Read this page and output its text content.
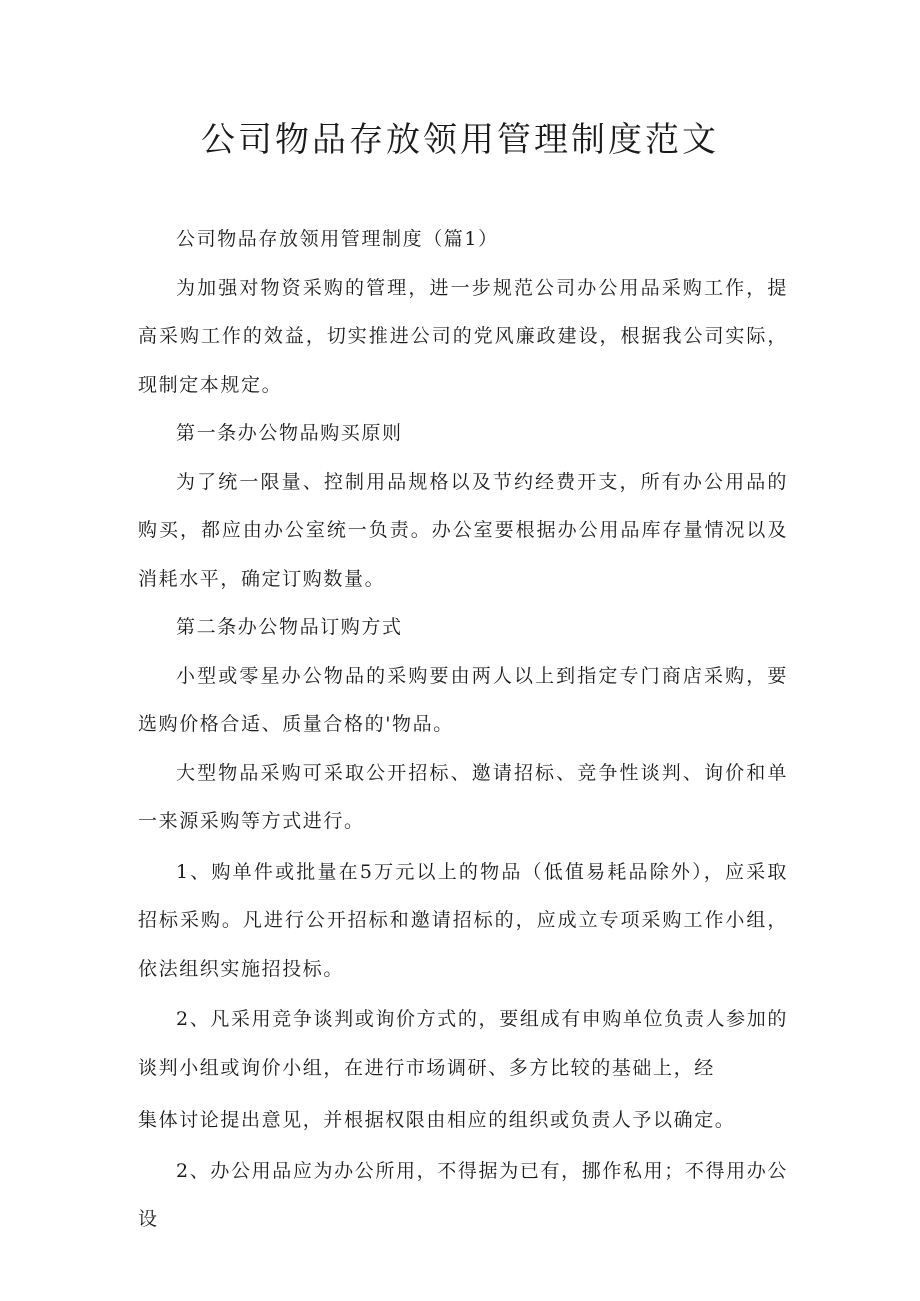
公司物品存放领用管理制度范文

公司物品存放领用管理制度（篇1）

为加强对物资采购的管理，进一步规范公司办公用品采购工作，提高采购工作的效益，切实推进公司的党风廉政建设，根据我公司实际，现制定本规定。

第一条办公物品购买原则

为了统一限量、控制用品规格以及节约经费开支，所有办公用品的购买，都应由办公室统一负责。办公室要根据办公用品库存量情况以及消耗水平，确定订购数量。

第二条办公物品订购方式

小型或零星办公物品的采购要由两人以上到指定专门商店采购，要选购价格合适、质量合格的'物品。

大型物品采购可采取公开招标、邀请招标、竞争性谈判、询价和单一来源采购等方式进行。

1、购单件或批量在5万元以上的物品（低值易耗品除外），应采取招标采购。凡进行公开招标和邀请招标的，应成立专项采购工作小组，依法组织实施招投标。

2、凡采用竞争谈判或询价方式的，要组成有申购单位负责人参加的谈判小组或询价小组，在进行市场调研、多方比较的基础上，经

集体讨论提出意见，并根据权限由相应的组织或负责人予以确定。

2、办公用品应为办公所用，不得据为已有，挪作私用；不得用办公设
